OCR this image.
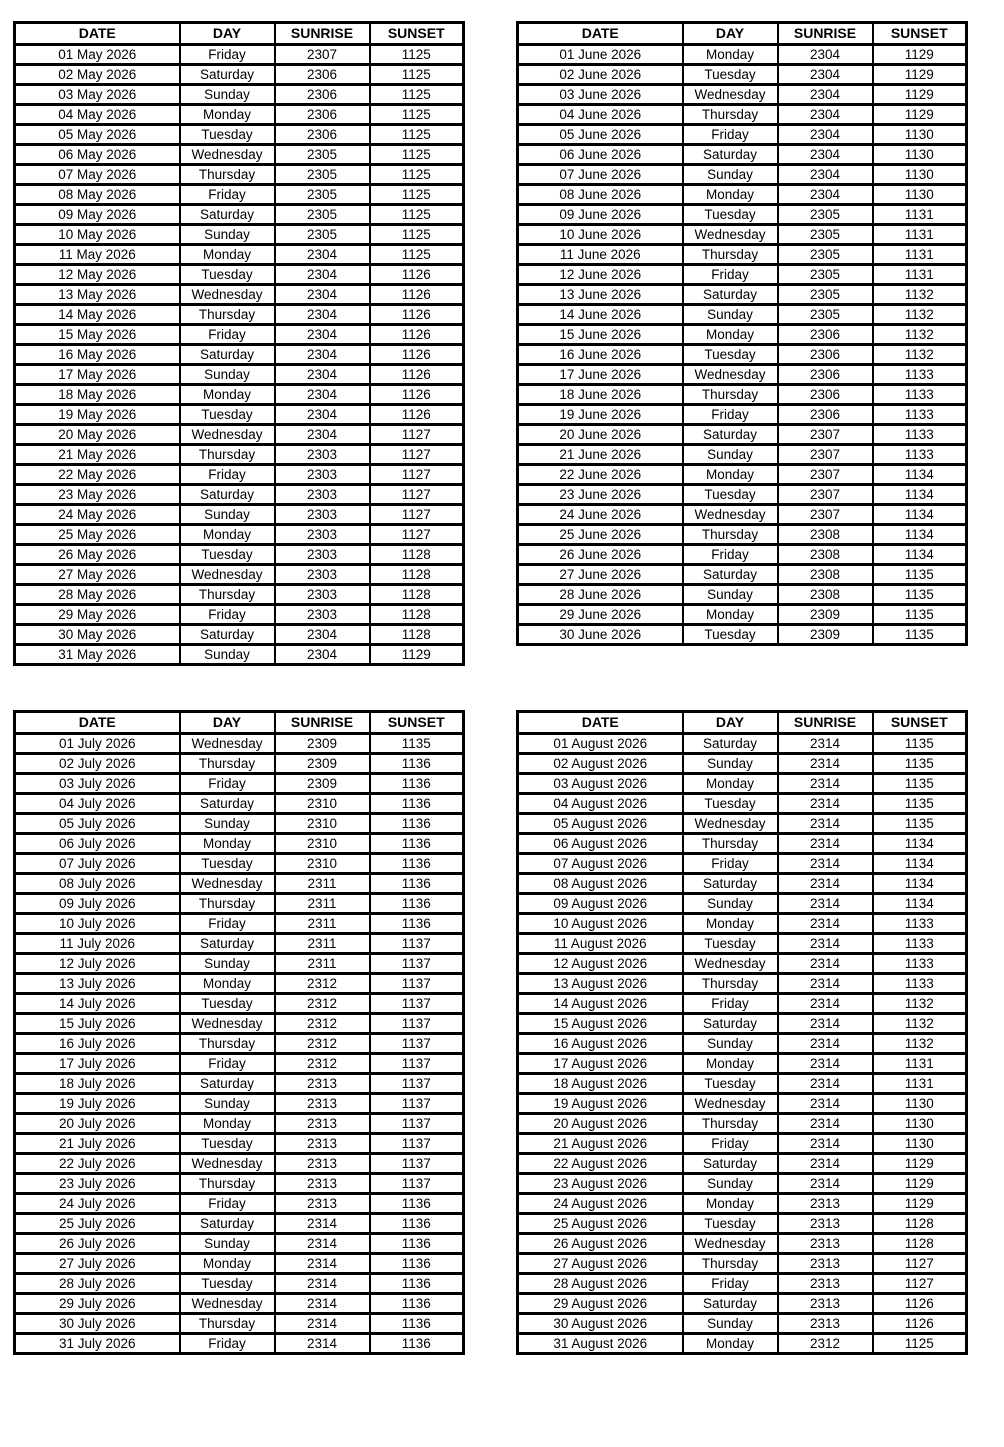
DATE	DAY	SUNRISE	SUNSET
01 May 2026	Friday	2307	1125
02 May 2026	Saturday	2306	1125
03 May 2026	Sunday	2306	1125
04 May 2026	Monday	2306	1125
05 May 2026	Tuesday	2306	1125
06 May 2026	Wednesday	2305	1125
07 May 2026	Thursday	2305	1125
08 May 2026	Friday	2305	1125
09 May 2026	Saturday	2305	1125
10 May 2026	Sunday	2305	1125
11 May 2026	Monday	2304	1125
12 May 2026	Tuesday	2304	1126
13 May 2026	Wednesday	2304	1126
14 May 2026	Thursday	2304	1126
15 May 2026	Friday	2304	1126
16 May 2026	Saturday	2304	1126
17 May 2026	Sunday	2304	1126
18 May 2026	Monday	2304	1126
19 May 2026	Tuesday	2304	1126
20 May 2026	Wednesday	2304	1127
21 May 2026	Thursday	2303	1127
22 May 2026	Friday	2303	1127
23 May 2026	Saturday	2303	1127
24 May 2026	Sunday	2303	1127
25 May 2026	Monday	2303	1127
26 May 2026	Tuesday	2303	1128
27 May 2026	Wednesday	2303	1128
28 May 2026	Thursday	2303	1128
29 May 2026	Friday	2303	1128
30 May 2026	Saturday	2304	1128
31 May 2026	Sunday	2304	1129
DATE	DAY	SUNRISE	SUNSET
01 June 2026	Monday	2304	1129
02 June 2026	Tuesday	2304	1129
03 June 2026	Wednesday	2304	1129
04 June 2026	Thursday	2304	1129
05 June 2026	Friday	2304	1130
06 June 2026	Saturday	2304	1130
07 June 2026	Sunday	2304	1130
08 June 2026	Monday	2304	1130
09 June 2026	Tuesday	2305	1131
10 June 2026	Wednesday	2305	1131
11 June 2026	Thursday	2305	1131
12 June 2026	Friday	2305	1131
13 June 2026	Saturday	2305	1132
14 June 2026	Sunday	2305	1132
15 June 2026	Monday	2306	1132
16 June 2026	Tuesday	2306	1132
17 June 2026	Wednesday	2306	1133
18 June 2026	Thursday	2306	1133
19 June 2026	Friday	2306	1133
20 June 2026	Saturday	2307	1133
21 June 2026	Sunday	2307	1133
22 June 2026	Monday	2307	1134
23 June 2026	Tuesday	2307	1134
24 June 2026	Wednesday	2307	1134
25 June 2026	Thursday	2308	1134
26 June 2026	Friday	2308	1134
27 June 2026	Saturday	2308	1135
28 June 2026	Sunday	2308	1135
29 June 2026	Monday	2309	1135
30 June 2026	Tuesday	2309	1135
DATE	DAY	SUNRISE	SUNSET
01 July 2026	Wednesday	2309	1135
02 July 2026	Thursday	2309	1136
03 July 2026	Friday	2309	1136
04 July 2026	Saturday	2310	1136
05 July 2026	Sunday	2310	1136
06 July 2026	Monday	2310	1136
07 July 2026	Tuesday	2310	1136
08 July 2026	Wednesday	2311	1136
09 July 2026	Thursday	2311	1136
10 July 2026	Friday	2311	1136
11 July 2026	Saturday	2311	1137
12 July 2026	Sunday	2311	1137
13 July 2026	Monday	2312	1137
14 July 2026	Tuesday	2312	1137
15 July 2026	Wednesday	2312	1137
16 July 2026	Thursday	2312	1137
17 July 2026	Friday	2312	1137
18 July 2026	Saturday	2313	1137
19 July 2026	Sunday	2313	1137
20 July 2026	Monday	2313	1137
21 July 2026	Tuesday	2313	1137
22 July 2026	Wednesday	2313	1137
23 July 2026	Thursday	2313	1137
24 July 2026	Friday	2313	1136
25 July 2026	Saturday	2314	1136
26 July 2026	Sunday	2314	1136
27 July 2026	Monday	2314	1136
28 July 2026	Tuesday	2314	1136
29 July 2026	Wednesday	2314	1136
30 July 2026	Thursday	2314	1136
31 July 2026	Friday	2314	1136
DATE	DAY	SUNRISE	SUNSET
01 August 2026	Saturday	2314	1135
02 August 2026	Sunday	2314	1135
03 August 2026	Monday	2314	1135
04 August 2026	Tuesday	2314	1135
05 August 2026	Wednesday	2314	1135
06 August 2026	Thursday	2314	1134
07 August 2026	Friday	2314	1134
08 August 2026	Saturday	2314	1134
09 August 2026	Sunday	2314	1134
10 August 2026	Monday	2314	1133
11 August 2026	Tuesday	2314	1133
12 August 2026	Wednesday	2314	1133
13 August 2026	Thursday	2314	1133
14 August 2026	Friday	2314	1132
15 August 2026	Saturday	2314	1132
16 August 2026	Sunday	2314	1132
17 August 2026	Monday	2314	1131
18 August 2026	Tuesday	2314	1131
19 August 2026	Wednesday	2314	1130
20 August 2026	Thursday	2314	1130
21 August 2026	Friday	2314	1130
22 August 2026	Saturday	2314	1129
23 August 2026	Sunday	2314	1129
24 August 2026	Monday	2313	1129
25 August 2026	Tuesday	2313	1128
26 August 2026	Wednesday	2313	1128
27 August 2026	Thursday	2313	1127
28 August 2026	Friday	2313	1127
29 August 2026	Saturday	2313	1126
30 August 2026	Sunday	2313	1126
31 August 2026	Monday	2312	1125
